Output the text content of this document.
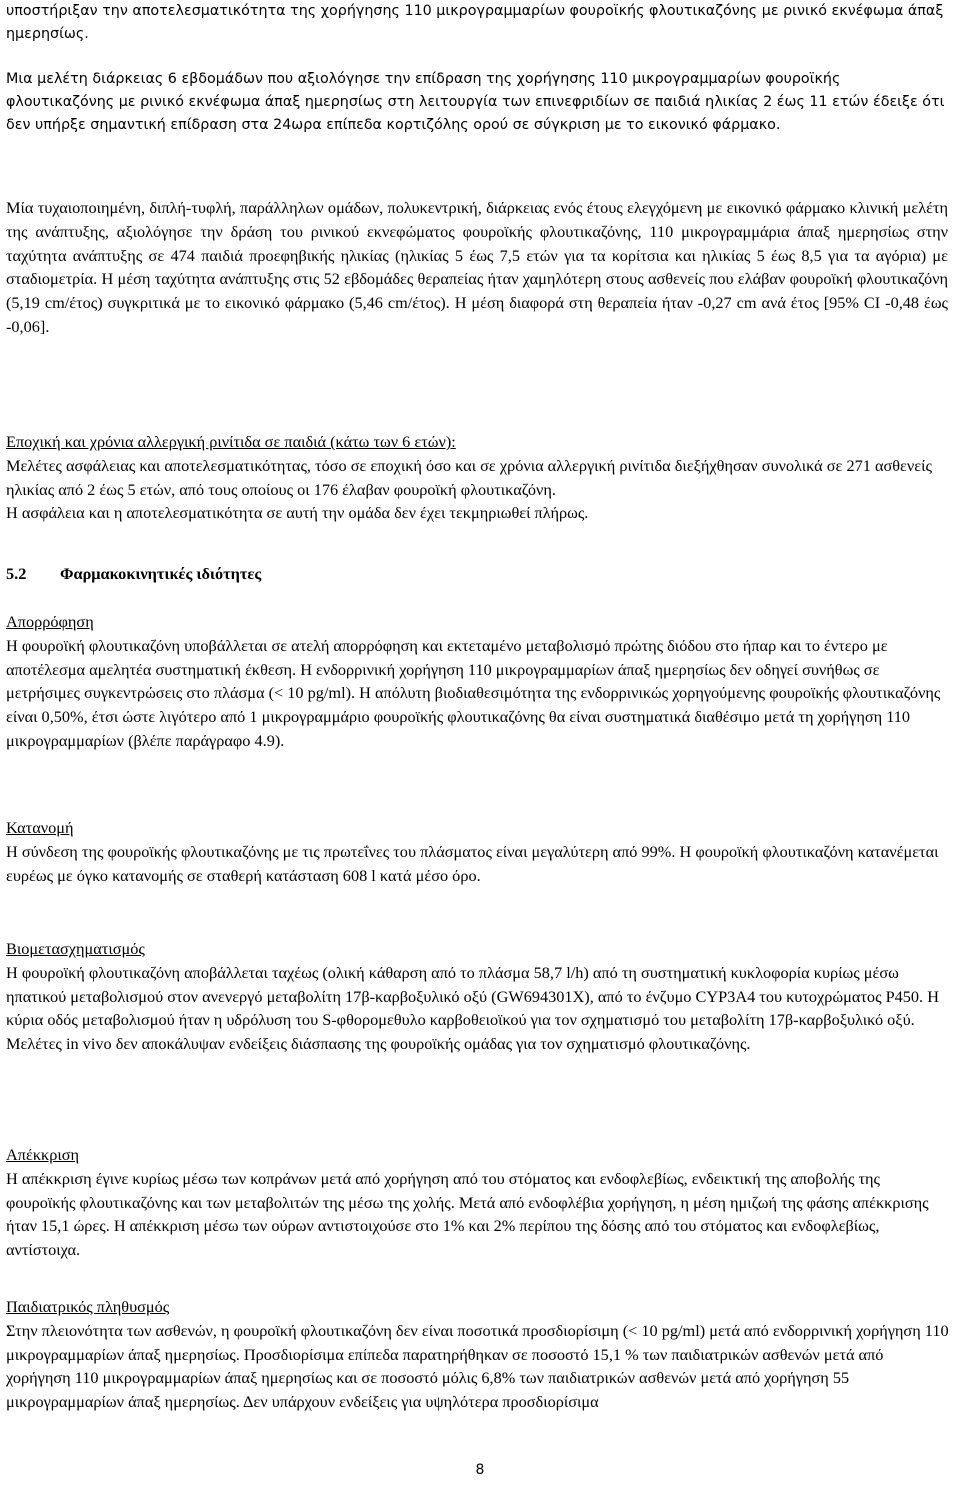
υποστήριξαν την αποτελεσματικότητα της χορήγησης 110 μικρογραμμαρίων φουροϊκής φλουτικαζόνης με ρινικό εκνέφωμα άπαξ ημερησίως.

Μια μελέτη διάρκειας 6 εβδομάδων που αξιολόγησε την επίδραση της χορήγησης 110 μικρογραμμαρίων φουροϊκής φλουτικαζόνης με ρινικό εκνέφωμα άπαξ ημερησίως στη λειτουργία των επινεφριδίων σε παιδιά ηλικίας 2 έως 11 ετών έδειξε ότι δεν υπήρξε σημαντική επίδραση στα 24ωρα επίπεδα κορτιζόλης ορού σε σύγκριση με το εικονικό φάρμακο.

Μία τυχαιοποιημένη, διπλή-τυφλή, παράλληλων ομάδων, πολυκεντρική, διάρκειας ενός έτους ελεγχόμενη με εικονικό φάρμακο κλινική μελέτη της ανάπτυξης, αξιολόγησε την δράση του ρινικού εκνεφώματος φουροϊκής φλουτικαζόνης, 110 μικρογραμμάρια άπαξ ημερησίως στην ταχύτητα ανάπτυξης σε 474 παιδιά προεφηβικής ηλικίας (ηλικίας 5 έως 7,5 ετών για τα κορίτσια και ηλικίας 5 έως 8,5 για τα αγόρια) με σταδιομετρία. Η μέση ταχύτητα ανάπτυξης στις 52 εβδομάδες θεραπείας ήταν χαμηλότερη στους ασθενείς που ελάβαν φουροϊκή φλουτικαζόνη (5,19 cm/έτος) συγκριτικά με το εικονικό φάρμακο (5,46 cm/έτος). Η μέση διαφορά στη θεραπεία ήταν -0,27 cm ανά έτος [95% CI -0,48 έως -0,06].

Εποχική και χρόνια αλλεργική ρινίτιδα σε παιδιά (κάτω των 6 ετών):

Μελέτες ασφάλειας και αποτελεσματικότητας, τόσο σε εποχική όσο και σε χρόνια αλλεργική ρινίτιδα διεξήχθησαν συνολικά σε 271 ασθενείς ηλικίας από 2 έως 5 ετών, από τους οποίους οι 176 έλαβαν φουροϊκή φλουτικαζόνη.

Η ασφάλεια και η αποτελεσματικότητα σε αυτή την ομάδα δεν έχει τεκμηριωθεί πλήρως.

5.2 Φαρμακοκινητικές ιδιότητες

Απορρόφηση

Η φουροϊκή φλουτικαζόνη υποβάλλεται σε ατελή απορρόφηση και εκτεταμένο μεταβολισμό πρώτης διόδου στο ήπαρ και το έντερο με αποτέλεσμα αμελητέα συστηματική έκθεση. Η ενδορρινική χορήγηση 110 μικρογραμμαρίων άπαξ ημερησίως δεν οδηγεί συνήθως σε μετρήσιμες συγκεντρώσεις στο πλάσμα (< 10 pg/ml). Η απόλυτη βιοδιαθεσιμότητα της ενδορρινικώς χορηγούμενης φουροϊκής φλουτικαζόνης είναι 0,50%, έτσι ώστε λιγότερο από 1 μικρογραμμάριο φουροϊκής φλουτικαζόνης θα είναι συστηματικά διαθέσιμο μετά τη χορήγηση 110 μικρογραμμαρίων (βλέπε παράγραφο 4.9).

Κατανομή

Η σύνδεση της φουροϊκής φλουτικαζόνης με τις πρωτεΐνες του πλάσματος είναι μεγαλύτερη από 99%. Η φουροϊκή φλουτικαζόνη κατανέμεται ευρέως με όγκο κατανομής σε σταθερή κατάσταση 608 l κατά μέσο όρο.

Βιομετασχηματισμός

Η φουροϊκή φλουτικαζόνη αποβάλλεται ταχέως (ολική κάθαρση από το πλάσμα 58,7 l/h) από τη συστηματική κυκλοφορία κυρίως μέσω ηπατικού μεταβολισμού στον ανενεργό μεταβολίτη 17β-καρβοξυλικό οξύ (GW694301X), από το ένζυμο CYP3A4 του κυτοχρώματος P450. Η κύρια οδός μεταβολισμού ήταν η υδρόλυση του S-φθορομεθυλο καρβοθειοϊκού για τον σχηματισμό του μεταβολίτη 17β-καρβοξυλικό οξύ. Μελέτες in vivo δεν αποκάλυψαν ενδείξεις διάσπασης της φουροϊκής ομάδας για τον σχηματισμό φλουτικαζόνης.

Απέκκριση

Η απέκκριση έγινε κυρίως μέσω των κοπράνων μετά από χορήγηση από του στόματος και ενδοφλεβίως, ενδεικτική της αποβολής της φουροϊκής φλουτικαζόνης και των μεταβολιτών της μέσω της χολής. Μετά από ενδοφλέβια χορήγηση, η μέση ημιζωή της φάσης απέκκρισης ήταν 15,1 ώρες. Η απέκκριση μέσω των ούρων αντιστοιχούσε στο 1% και 2% περίπου της δόσης από του στόματος και ενδοφλεβίως, αντίστοιχα.

Παιδιατρικός πληθυσμός

Στην πλειονότητα των ασθενών, η φουροϊκή φλουτικαζόνη δεν είναι ποσοτικά προσδιορίσιμη (< 10 pg/ml) μετά από ενδορρινική χορήγηση 110 μικρογραμμαρίων άπαξ ημερησίως. Προσδιορίσιμα επίπεδα παρατηρήθηκαν σε ποσοστό 15,1 % των παιδιατρικών ασθενών μετά από χορήγηση 110 μικρογραμμαρίων άπαξ ημερησίως και σε ποσοστό μόλις 6,8% των παιδιατρικών ασθενών μετά από χορήγηση 55 μικρογραμμαρίων άπαξ ημερησίως. Δεν υπάρχουν ενδείξεις για υψηλότερα προσδιορίσιμα

8
